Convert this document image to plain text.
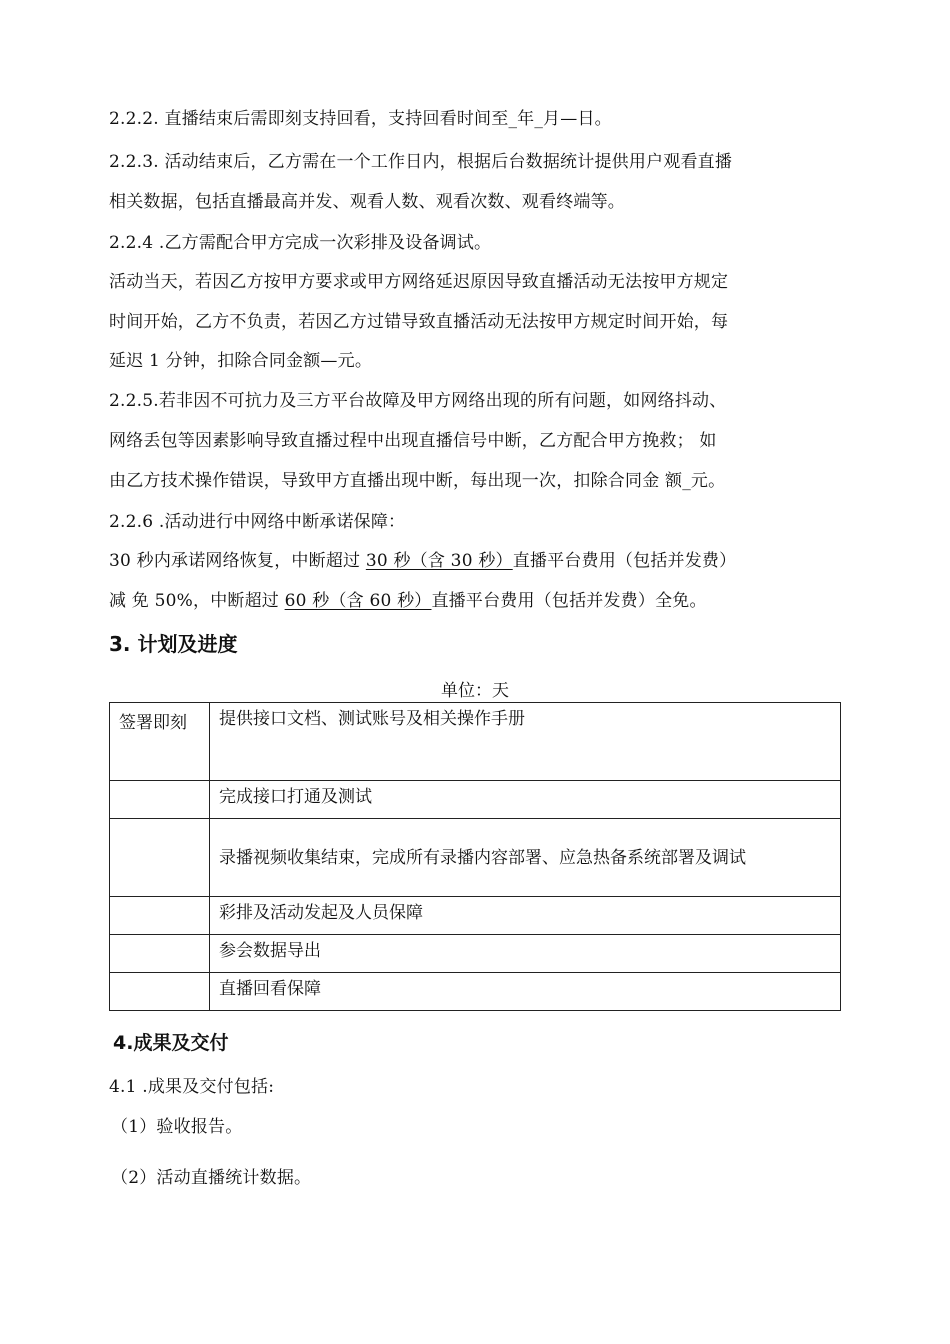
2.2.2. 直播结束后需即刻支持回看，支持回看时间至_年_月—日。
2.2.3. 活动结束后，乙方需在一个工作日内，根据后台数据统计提供用户观看直播
相关数据，包括直播最高并发、观看人数、观看次数、观看终端等。
2.2.4 .乙方需配合甲方完成一次彩排及设备调试。
活动当天，若因乙方按甲方要求或甲方网络延迟原因导致直播活动无法按甲方规定
时间开始，乙方不负责，若因乙方过错导致直播活动无法按甲方规定时间开始，每
延迟 1 分钟，扣除合同金额—元。
2.2.5.若非因不可抗力及三方平台故障及甲方网络出现的所有问题，如网络抖动、
网络丢包等因素影响导致直播过程中出现直播信号中断，乙方配合甲方挽救； 如
由乙方技术操作错误，导致甲方直播出现中断，每出现一次，扣除合同金 额_元。
2.2.6 .活动进行中网络中断承诺保障：
30 秒内承诺网络恢复，中断超过 30 秒（含 30 秒）直播平台费用（包括并发费）
减 免 50%，中断超过 60 秒（含 60 秒）直播平台费用（包括并发费）全免。
3. 计划及进度
单位：天
签署即刻	提供接口文档、测试账号及相关操作手册

	完成接口打通及测试

	录播视频收集结束，完成所有录播内容部署、应急热备系统部署及调试

	彩排及活动发起及人员保障

	参会数据导出

	直播回看保障
4.成果及交付
4.1 .成果及交付包括:
（1）验收报告。
（2）活动直播统计数据。
